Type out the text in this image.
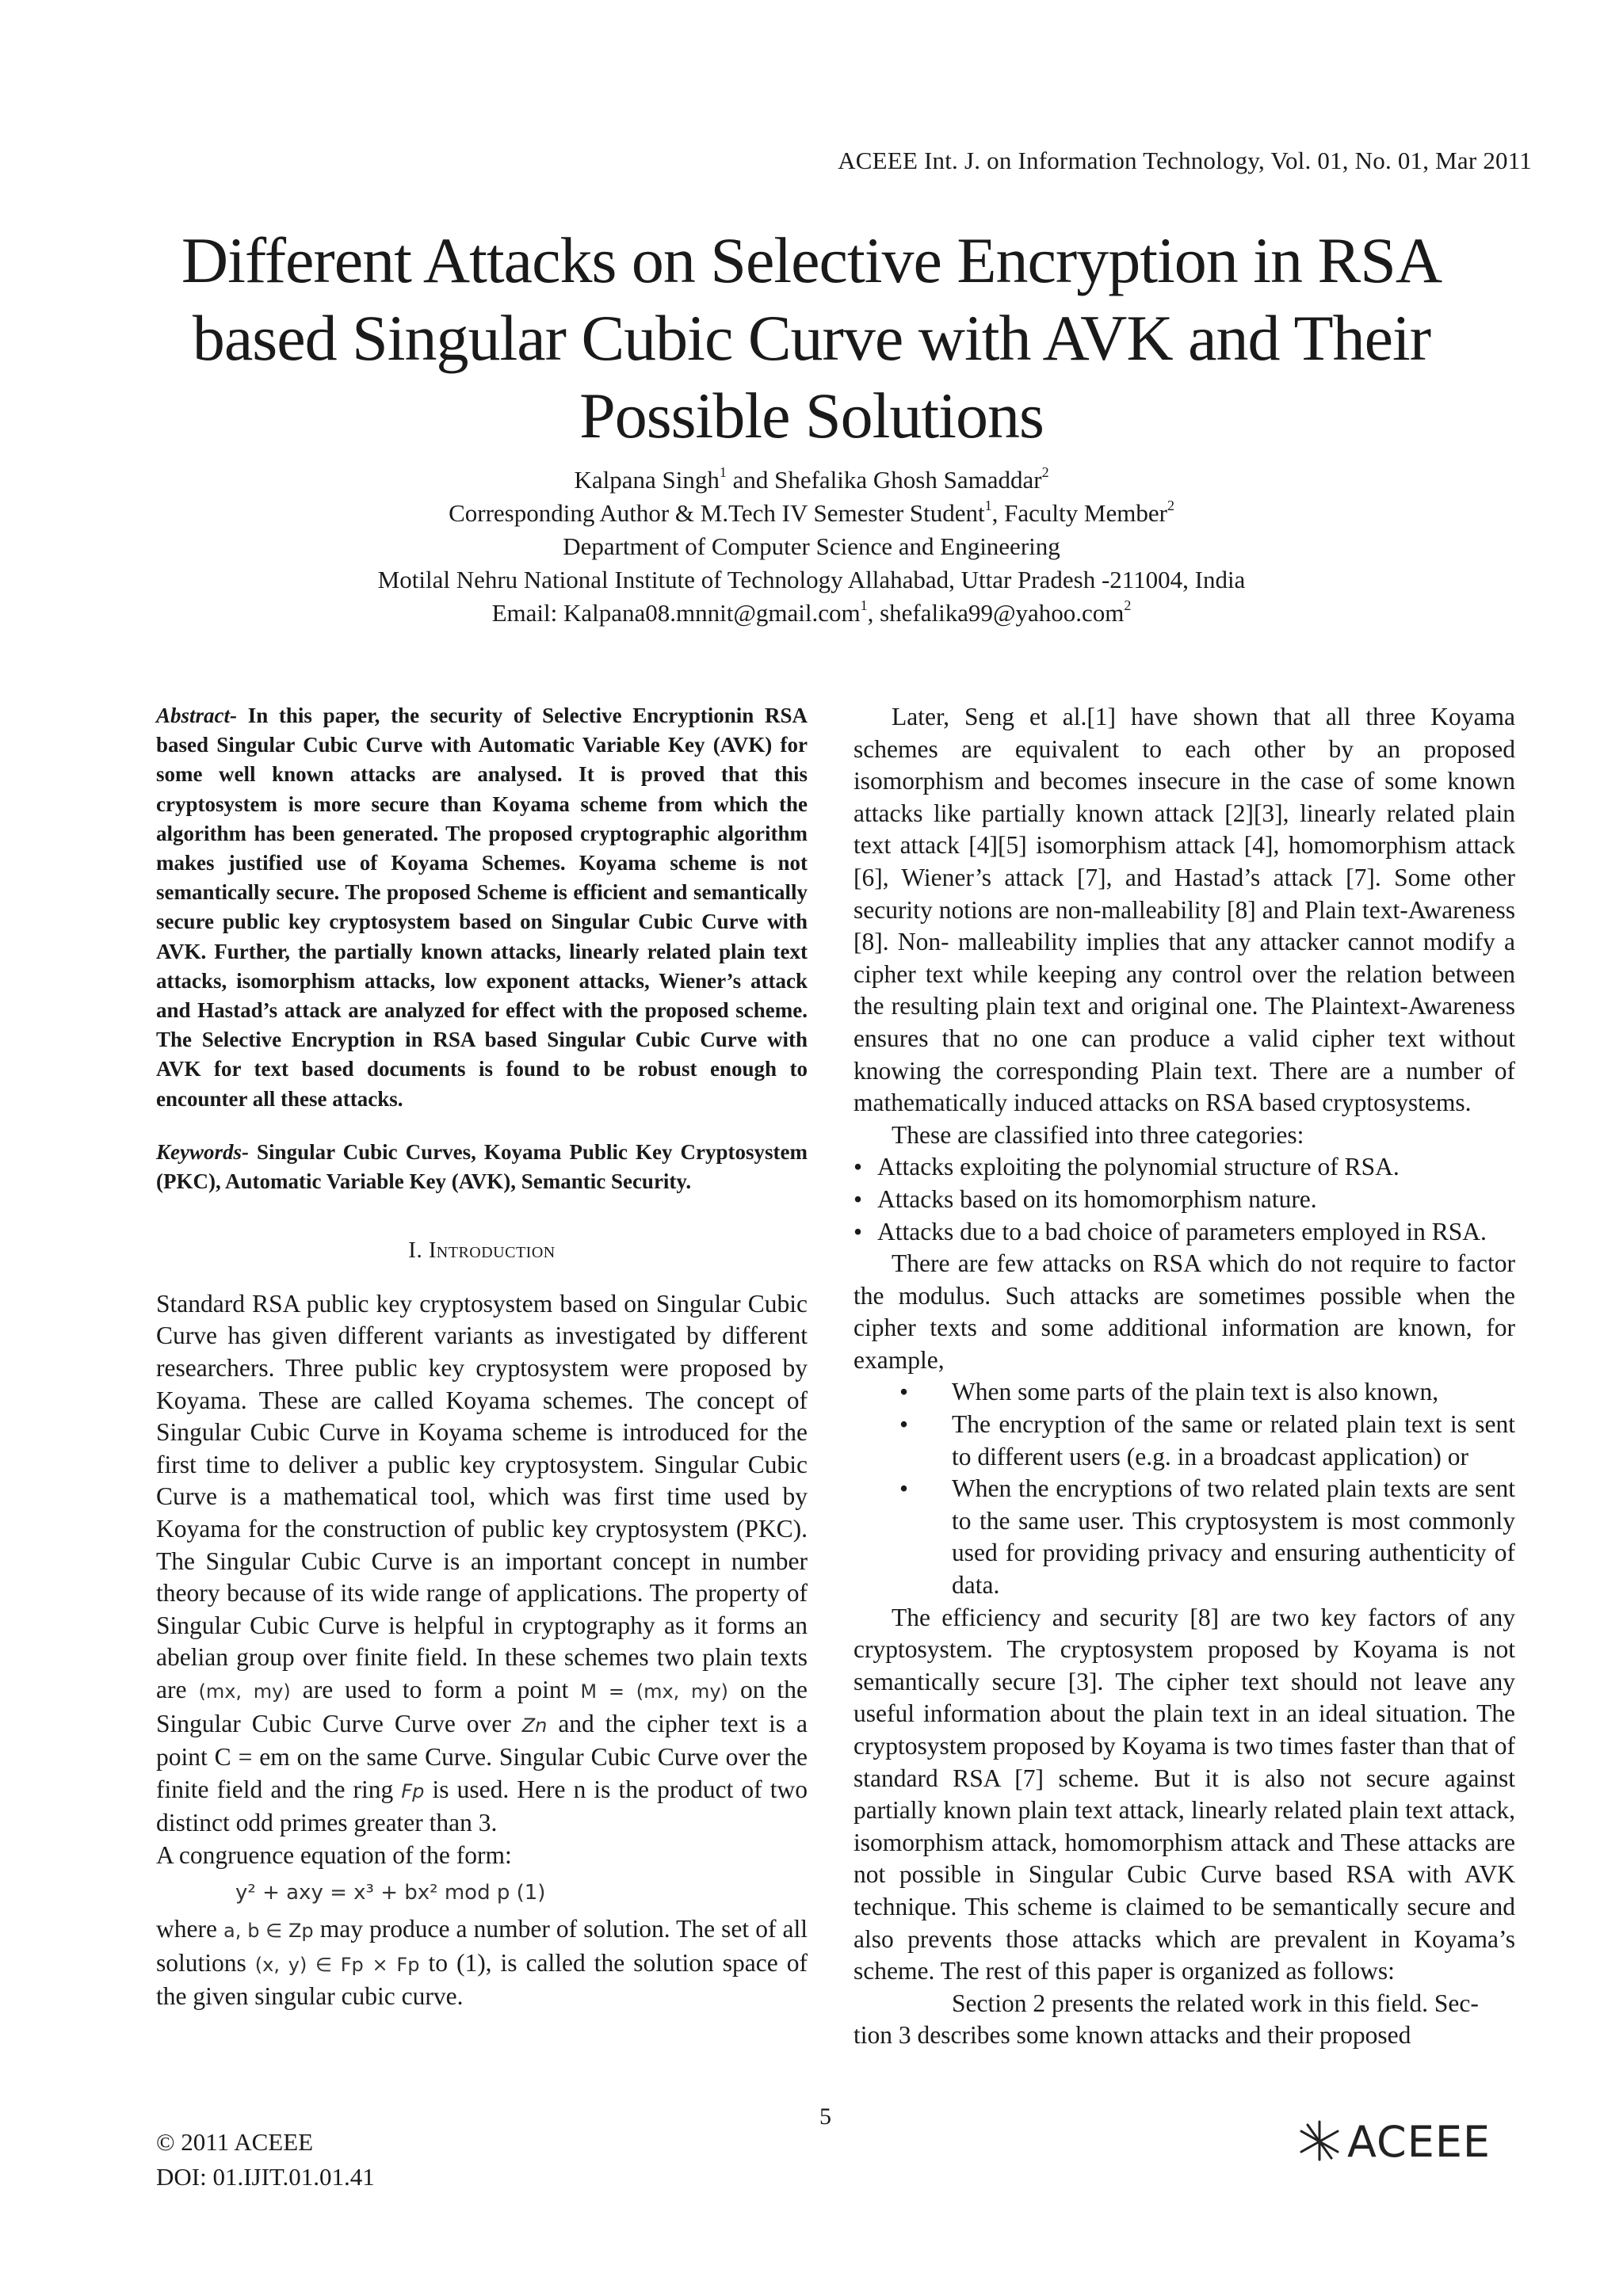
ACEEE Int. J. on Information Technology, Vol. 01, No. 01, Mar 2011
Different Attacks on Selective Encryption in RSA
based Singular Cubic Curve with AVK and Their
Possible Solutions
Kalpana Singh$^1$ and Shefalika Ghosh Samaddar$^2$
Corresponding Author & M.Tech IV Semester Student$^1$, Faculty Member$^2$
Department of Computer Science and Engineering
Motilal Nehru National Institute of Technology Allahabad, Uttar Pradesh -211004, India
Email: Kalpana08.mnnit@gmail.com$^1$, shefalika99@yahoo.com$^2$

Abstract- In this paper, the security of Selective Encryptionin RSA based Singular Cubic Curve with Automatic Variable Key (AVK) for some well known attacks are analysed. It is proved that this cryptosystem is more secure than Koyama scheme from which the algorithm has been generated. The proposed cryptographic algorithm makes justified use of Koyama Schemes. Koyama scheme is not semantically secure. The proposed Scheme is efficient and semantically secure public key cryptosystem based on Singular Cubic Curve with AVK. Further, the partially known attacks, linearly related plain text attacks, isomorphism attacks, low exponent attacks, Wiener’s attack and Hastad’s attack are analyzed for effect with the proposed scheme. The Selective Encryption in RSA based Singular Cubic Curve with AVK for text based documents is found to be robust enough to encounter all these attacks.

Keywords- Singular Cubic Curves, Koyama Public Key Cryptosystem (PKC), Automatic Variable Key (AVK), Semantic Security.

I. Introduction

Standard RSA public key cryptosystem based on Singular Cubic Curve has given different variants as investigated by different researchers. Three public key cryptosystem were proposed by Koyama. These are called Koyama schemes. The concept of Singular Cubic Curve in Koyama scheme is introduced for the first time to deliver a public key cryptosystem. Singular Cubic Curve is a mathematical tool, which was first time used by Koyama for the construction of public key cryptosystem (PKC). The Singular Cubic Curve is an important concept in number theory because of its wide range of applications. The property of Singular Cubic Curve is helpful in cryptography as it forms an abelian group over finite field. In these schemes two plain texts are (mx, my) are used to form a point M = (mx, my) on the Singular Cubic Curve Curve over Zn and the cipher text is a point C = em on the same Curve. Singular Cubic Curve over the finite field and the ring Fp is used. Here n is the product of two distinct odd primes greater than 3.

A congruence equation of the form:

y² + axy = x³ + bx² mod p (1)

where a, b ∈ Zp may produce a number of solution. The set of all solutions (x, y) ∈ Fp × Fp to (1), is called the solution space of the given singular cubic curve.

Later, Seng et al.[1] have shown that all three Koyama schemes are equivalent to each other by an proposed isomorphism and becomes insecure in the case of some known attacks like partially known attack [2][3], linearly related plain text attack [4][5] isomorphism attack [4], homomorphism attack [6], Wiener’s attack [7], and Hastad’s attack [7]. Some other security notions are non-malleability [8] and Plain text-Awareness [8]. Non- malleability implies that any attacker cannot modify a cipher text while keeping any control over the relation between the resulting plain text and original one. The Plaintext-Awareness ensures that no one can produce a valid cipher text without knowing the corresponding Plain text. There are a number of mathematically induced attacks on RSA based cryptosystems.

These are classified into three categories:

• Attacks exploiting the polynomial structure of RSA.
• Attacks based on its homomorphism nature.
• Attacks due to a bad choice of parameters employed in RSA.

There are few attacks on RSA which do not require to factor the modulus. Such attacks are sometimes possible when the cipher texts and some additional information are known, for example,

• When some parts of the plain text is also known,
• The encryption of the same or related plain text is sent to different users (e.g. in a broadcast application) or
• When the encryptions of two related plain texts are sent to the same user. This cryptosystem is most commonly used for providing privacy and ensuring authenticity of data.

The efficiency and security [8] are two key factors of any cryptosystem. The cryptosystem proposed by Koyama is not semantically secure [3]. The cipher text should not leave any useful information about the plain text in an ideal situation. The cryptosystem proposed by Koyama is two times faster than that of standard RSA [7] scheme. But it is also not secure against partially known plain text attack, linearly related plain text attack, isomorphism attack, homomorphism attack and These attacks are not possible in Singular Cubic Curve based RSA with AVK technique. This scheme is claimed to be semantically secure and also prevents those attacks which are prevalent in Koyama’s scheme. The rest of this paper is organized as follows:

Section 2 presents the related work in this field. Sec-

tion 3 describes some known attacks and their proposed

5
© 2011 ACEEE
DOI: 01.IJIT.01.01.41
ACEEE
